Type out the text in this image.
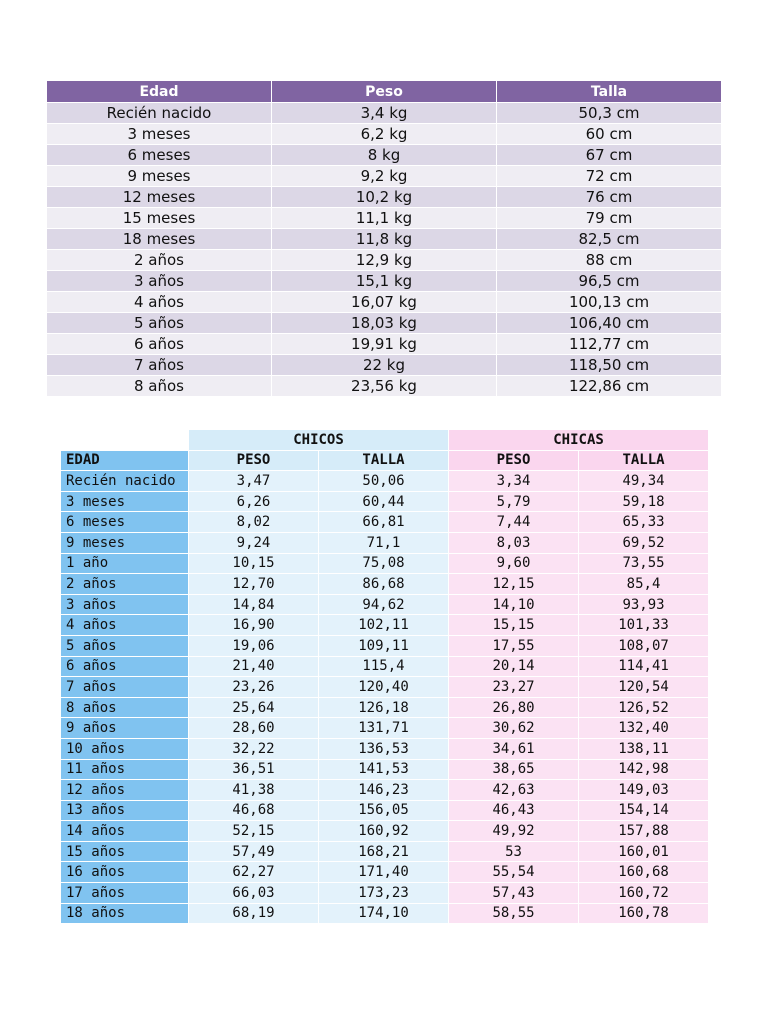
Edad	Peso	Talla
Recién nacido	3,4 kg	50,3 cm
3 meses	6,2 kg	60 cm
6 meses	8 kg	67 cm
9 meses	9,2 kg	72 cm
12 meses	10,2 kg	76 cm
15 meses	11,1 kg	79 cm
18 meses	11,8 kg	82,5 cm
2 años	12,9 kg	88 cm
3 años	15,1 kg	96,5 cm
4 años	16,07 kg	100,13 cm
5 años	18,03 kg	106,40 cm
6 años	19,91 kg	112,77 cm
7 años	22 kg	118,50 cm
8 años	23,56 kg	122,86 cm
	CHICOS		CHICAS	
EDAD	PESO	TALLA	PESO	TALLA
Recién nacido	3,47	50,06	3,34	49,34
3 meses	6,26	60,44	5,79	59,18
6 meses	8,02	66,81	7,44	65,33
9 meses	9,24	71,1	8,03	69,52
1 año	10,15	75,08	9,60	73,55
2 años	12,70	86,68	12,15	85,4
3 años	14,84	94,62	14,10	93,93
4 años	16,90	102,11	15,15	101,33
5 años	19,06	109,11	17,55	108,07
6 años	21,40	115,4	20,14	114,41
7 años	23,26	120,40	23,27	120,54
8 años	25,64	126,18	26,80	126,52
9 años	28,60	131,71	30,62	132,40
10 años	32,22	136,53	34,61	138,11
11 años	36,51	141,53	38,65	142,98
12 años	41,38	146,23	42,63	149,03
13 años	46,68	156,05	46,43	154,14
14 años	52,15	160,92	49,92	157,88
15 años	57,49	168,21	53	160,01
16 años	62,27	171,40	55,54	160,68
17 años	66,03	173,23	57,43	160,72
18 años	68,19	174,10	58,55	160,78
